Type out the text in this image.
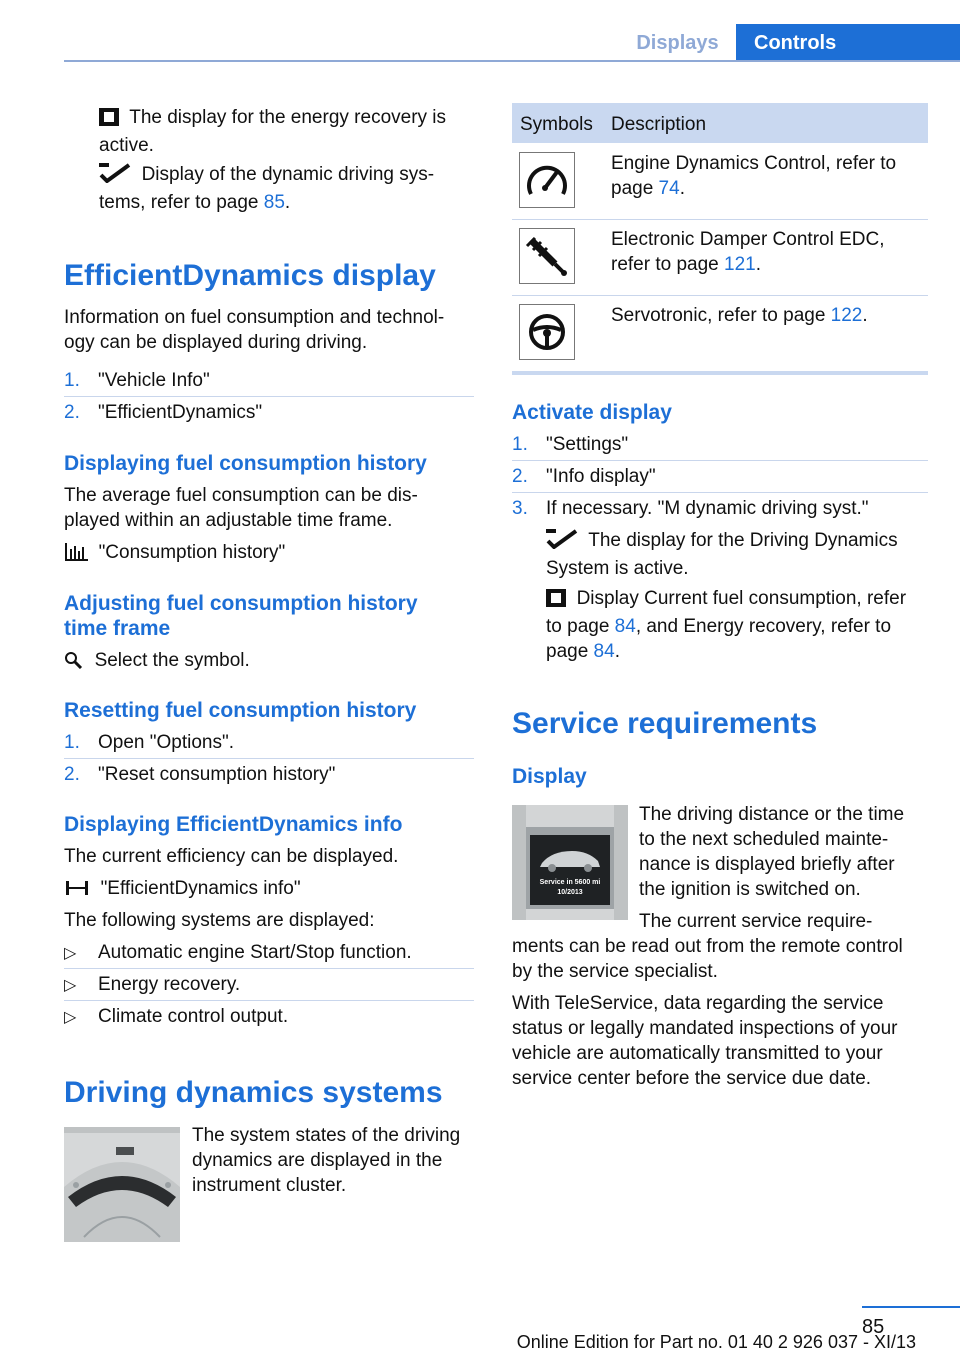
Displays	Controls
The display for the energy recovery is
active.
Display of the dynamic driving sys-
tems, refer to page 85.
EfficientDynamics display
Information on fuel consumption and technol-
ogy can be displayed during driving.
1. "Vehicle Info"
2. "EfficientDynamics"
Displaying fuel consumption history
The average fuel consumption can be dis-
played within an adjustable time frame.
"Consumption history"
Adjusting fuel consumption history
time frame
Select the symbol.
Resetting fuel consumption history
1. Open "Options".
2. "Reset consumption history"
Displaying EfficientDynamics info
The current efficiency can be displayed.
"EfficientDynamics info"
The following systems are displayed:
▷ Automatic engine Start/Stop function.
▷ Energy recovery.
▷ Climate control output.
Driving dynamics systems
The system states of the driving
dynamics are displayed in the
instrument cluster.
Symbols Description
Engine Dynamics Control, refer to
page 74.
Electronic Damper Control EDC,
refer to page 121.
Servotronic, refer to page 122.
Activate display
1. "Settings"
2. "Info display"
3. If necessary. "M dynamic driving syst."
The display for the Driving Dynamics
System is active.
Display Current fuel consumption, refer
to page 84, and Energy recovery, refer to
page 84.
Service requirements
Display
Service in 5600 mi
10/2013
The driving distance or the time
to the next scheduled mainte-
nance is displayed briefly after
the ignition is switched on.
The current service require-
ments can be read out from the remote control
by the service specialist.
With TeleService, data regarding the service
status or legally mandated inspections of your
vehicle are automatically transmitted to your
service center before the service due date.
85
Online Edition for Part no. 01 40 2 926 037 - XI/13
